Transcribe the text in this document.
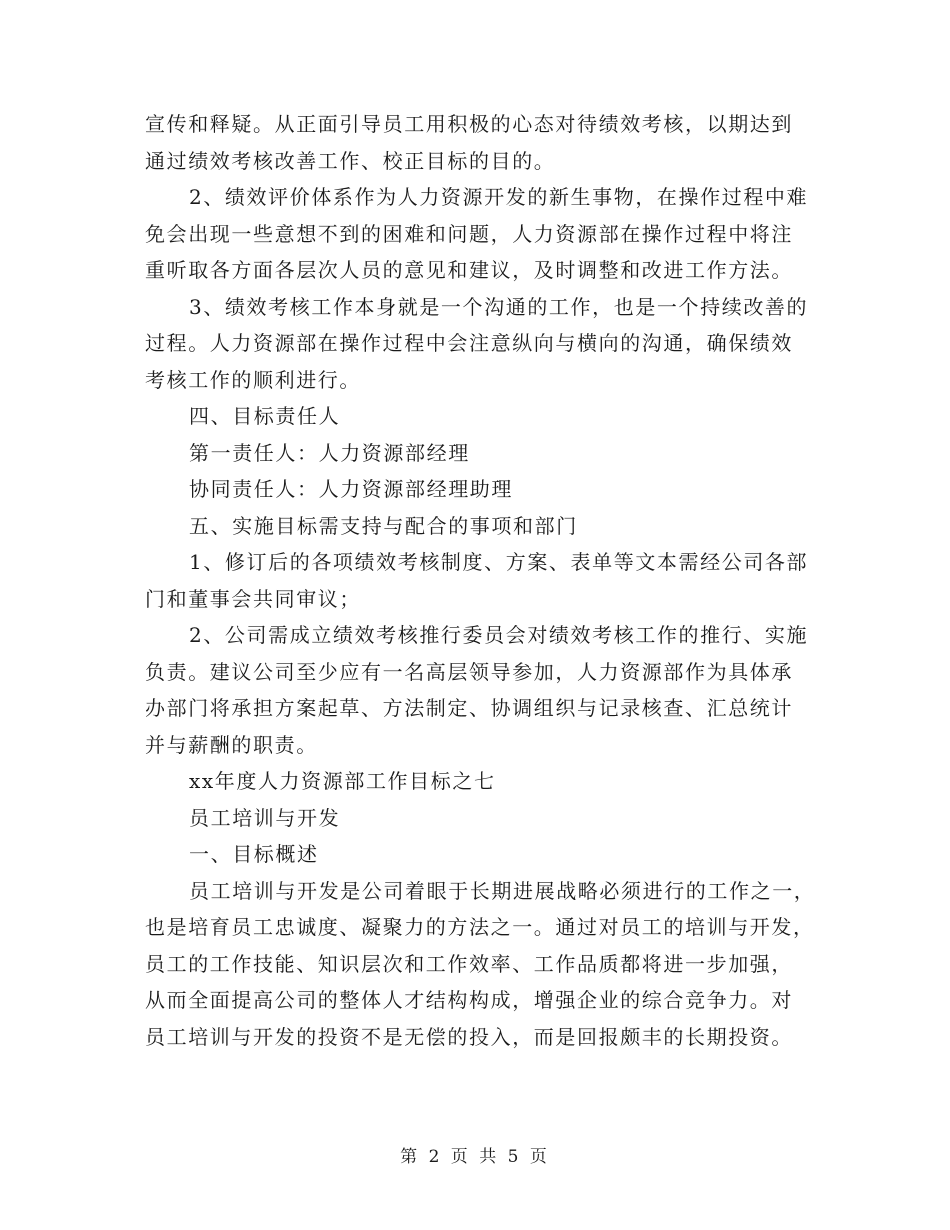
宣传和释疑。从正面引导员工用积极的心态对待绩效考核，以期达到
通过绩效考核改善工作、校正目标的目的。
2、绩效评价体系作为人力资源开发的新生事物，在操作过程中难
免会出现一些意想不到的困难和问题，人力资源部在操作过程中将注
重听取各方面各层次人员的意见和建议，及时调整和改进工作方法。
3、绩效考核工作本身就是一个沟通的工作，也是一个持续改善的
过程。人力资源部在操作过程中会注意纵向与横向的沟通，确保绩效
考核工作的顺利进行。
四、目标责任人
第一责任人：人力资源部经理
协同责任人：人力资源部经理助理
五、实施目标需支持与配合的事项和部门
1、修订后的各项绩效考核制度、方案、表单等文本需经公司各部
门和董事会共同审议；
2、公司需成立绩效考核推行委员会对绩效考核工作的推行、实施
负责。建议公司至少应有一名高层领导参加，人力资源部作为具体承
办部门将承担方案起草、方法制定、协调组织与记录核查、汇总统计
并与薪酬的职责。
xx年度人力资源部工作目标之七
员工培训与开发
一、目标概述
员工培训与开发是公司着眼于长期进展战略必须进行的工作之一，
也是培育员工忠诚度、凝聚力的方法之一。通过对员工的培训与开发，
员工的工作技能、知识层次和工作效率、工作品质都将进一步加强，
从而全面提高公司的整体人才结构构成，增强企业的综合竞争力。对
员工培训与开发的投资不是无偿的投入，而是回报颇丰的长期投资。
第 2 页 共 5 页
